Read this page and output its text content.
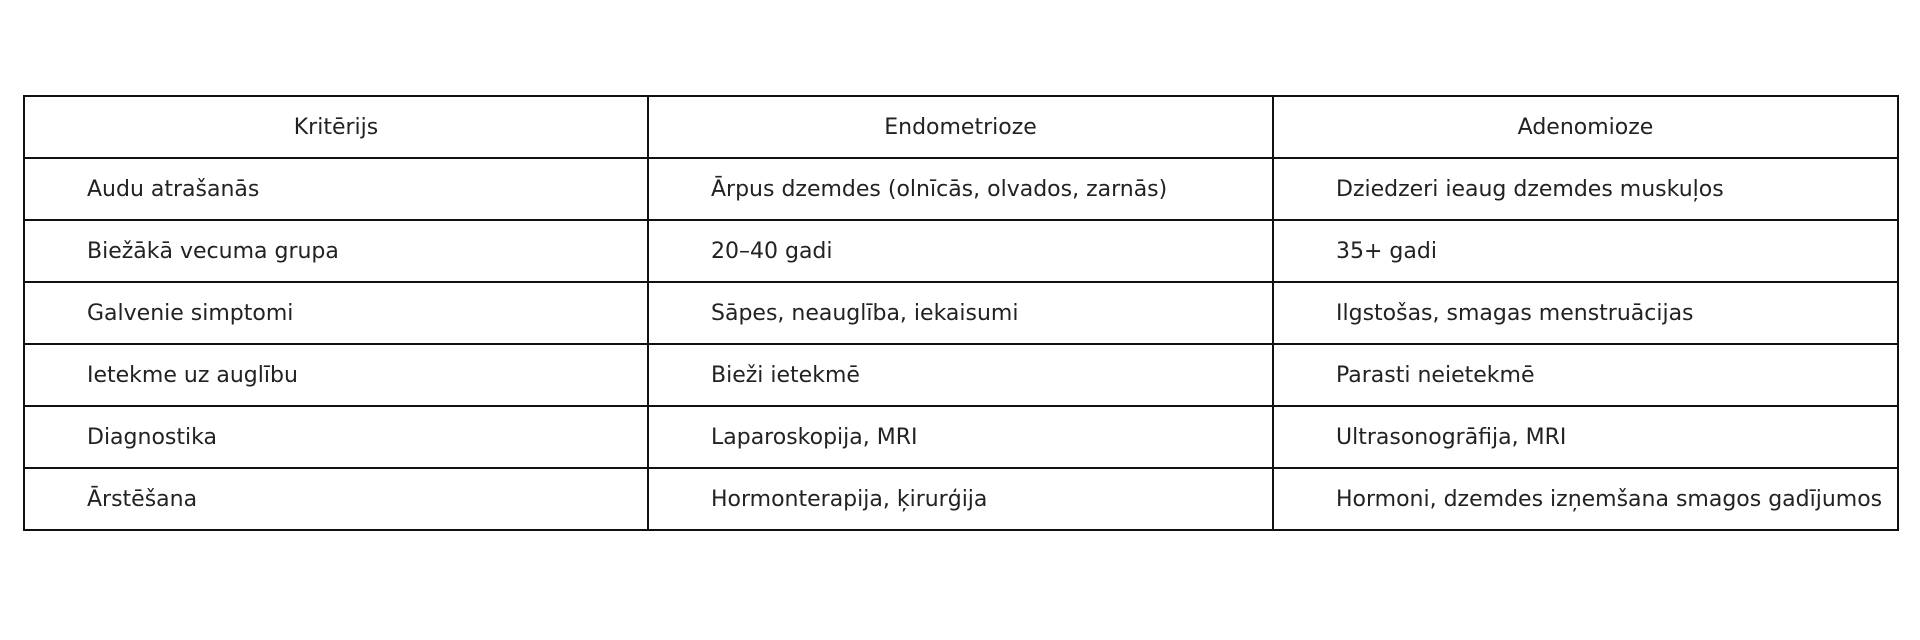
Kritērijs	Endometrioze	Adenomioze
Audu atrašanās	Ārpus dzemdes (olnīcās, olvados, zarnās)	Dziedzeri ieaug dzemdes muskuļos
Biežākā vecuma grupa	20–40 gadi	35+ gadi
Galvenie simptomi	Sāpes, neauglība, iekaisumi	Ilgstošas, smagas menstruācijas
Ietekme uz auglību	Bieži ietekmē	Parasti neietekmē
Diagnostika	Laparoskopija, MRI	Ultrasonogrāfija, MRI
Ārstēšana	Hormonterapija, ķirurģija	Hormoni, dzemdes izņemšana smagos gadījumos
